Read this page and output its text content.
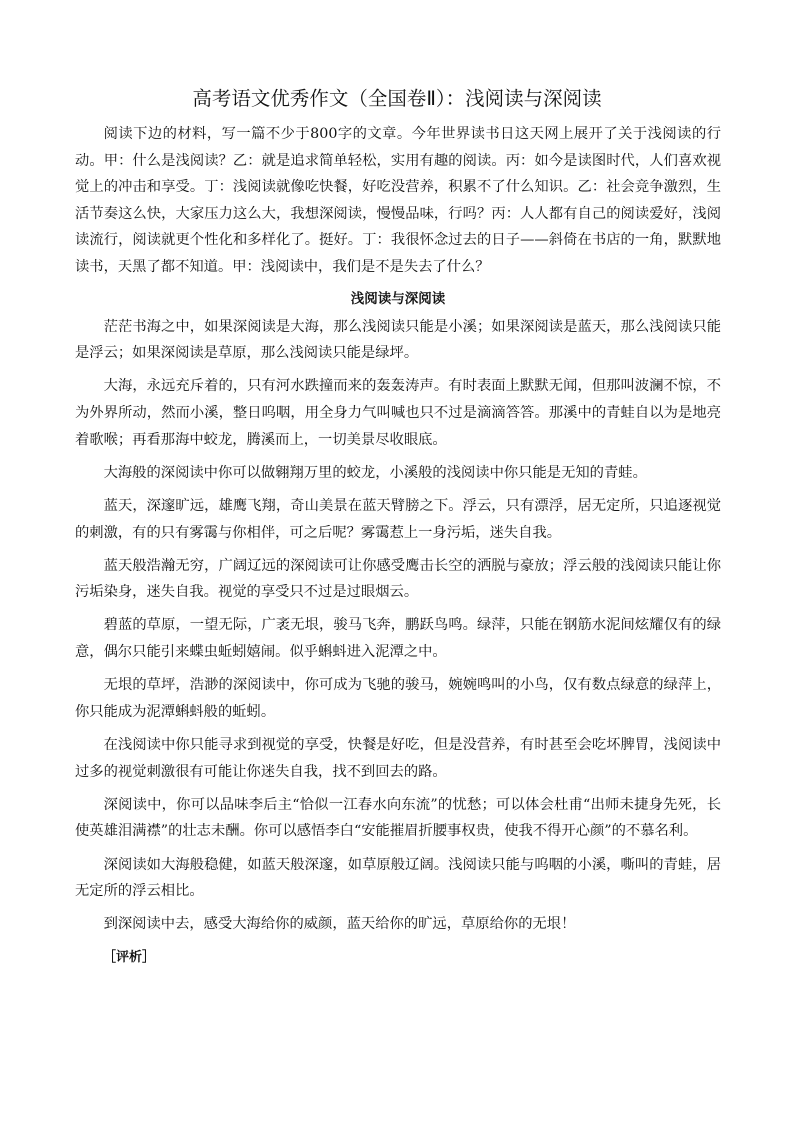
高考语文优秀作文（全国卷Ⅱ）：浅阅读与深阅读

阅读下边的材料，写一篇不少于800字的文章。今年世界读书日这天网上展开了关于浅阅读的行动。甲：什么是浅阅读？乙：就是追求简单轻松，实用有趣的阅读。丙：如今是读图时代，人们喜欢视觉上的冲击和享受。丁：浅阅读就像吃快餐，好吃没营养，积累不了什么知识。乙：社会竞争激烈，生活节奏这么快，大家压力这么大，我想深阅读，慢慢品味，行吗？丙：人人都有自己的阅读爱好，浅阅读流行，阅读就更个性化和多样化了。挺好。丁：我很怀念过去的日子——斜倚在书店的一角，默默地读书，天黑了都不知道。甲：浅阅读中，我们是不是失去了什么？

浅阅读与深阅读

茫茫书海之中，如果深阅读是大海，那么浅阅读只能是小溪；如果深阅读是蓝天，那么浅阅读只能是浮云；如果深阅读是草原，那么浅阅读只能是绿坪。

大海，永远充斥着的，只有河水跌撞而来的轰轰涛声。有时表面上默默无闻，但那叫波澜不惊，不为外界所动，然而小溪，整日呜咽，用全身力气叫喊也只不过是滴滴答答。那溪中的青蛙自以为是地亮着歌喉；再看那海中蛟龙，腾溪而上，一切美景尽收眼底。

大海般的深阅读中你可以做翱翔万里的蛟龙，小溪般的浅阅读中你只能是无知的青蛙。

蓝天，深邃旷远，雄鹰飞翔，奇山美景在蓝天臂膀之下。浮云，只有漂浮，居无定所，只追逐视觉的刺激，有的只有雾霭与你相伴，可之后呢？雾霭惹上一身污垢，迷失自我。

蓝天般浩瀚无穷，广阔辽远的深阅读可让你感受鹰击长空的洒脱与豪放；浮云般的浅阅读只能让你污垢染身，迷失自我。视觉的享受只不过是过眼烟云。

碧蓝的草原，一望无际，广袤无垠，骏马飞奔，鹏跃鸟鸣。绿萍，只能在钢筋水泥间炫耀仅有的绿意，偶尔只能引来蝶虫蚯蚓嬉闹。似乎蝌蚪进入泥潭之中。

无垠的草坪，浩渺的深阅读中，你可成为飞驰的骏马，婉婉鸣叫的小鸟，仅有数点绿意的绿萍上，你只能成为泥潭蝌蚪般的蚯蚓。

在浅阅读中你只能寻求到视觉的享受，快餐是好吃，但是没营养，有时甚至会吃坏脾胃，浅阅读中过多的视觉刺激很有可能让你迷失自我，找不到回去的路。

深阅读中，你可以品味李后主“恰似一江春水向东流”的忧愁；可以体会杜甫“出师未捷身先死，长使英雄泪满襟”的壮志未酬。你可以感悟李白“安能摧眉折腰事权贵，使我不得开心颜”的不慕名利。

深阅读如大海般稳健，如蓝天般深邃，如草原般辽阔。浅阅读只能与呜咽的小溪，嘶叫的青蛙，居无定所的浮云相比。

到深阅读中去，感受大海给你的威颜，蓝天给你的旷远，草原给你的无垠！

［评析］
